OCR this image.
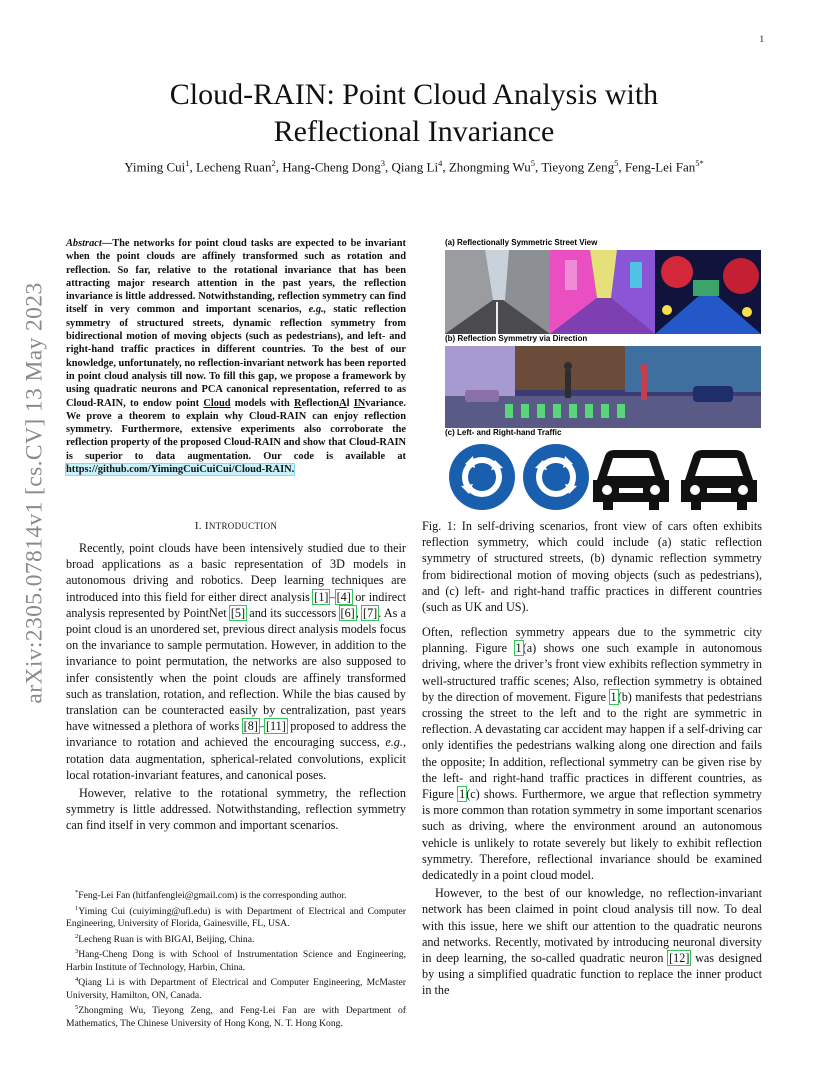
1
arXiv:2305.07814v1 [cs.CV] 13 May 2023
Cloud-RAIN: Point Cloud Analysis with
Reflectional Invariance
Yiming Cui$^1$, Lecheng Ruan$^2$, Hang-Cheng Dong$^3$, Qiang Li$^4$, Zhongming Wu$^5$, Tieyong Zeng$^5$, Feng-Lei Fan$^{5*}$
Abstract—The networks for point cloud tasks are expected to be invariant when the point clouds are affinely transformed such as rotation and reflection. So far, relative to the rotational invariance that has been attracting major research attention in the past years, the reflection invariance is little addressed. Notwithstanding, reflection symmetry can find itself in very common and important scenarios, e.g., static reflection symmetry of structured streets, dynamic reflection symmetry from bidirectional motion of moving objects (such as pedestrians), and left- and right-hand traffic practices in different countries. To the best of our knowledge, unfortunately, no reflection-invariant network has been reported in point cloud analysis till now. To fill this gap, we propose a framework by using quadratic neurons and PCA canonical representation, referred to as Cloud-RAIN, to endow point Cloud models with ReflectionAl INvariance. We prove a theorem to explain why Cloud-RAIN can enjoy reflection symmetry. Furthermore, extensive experiments also corroborate the reflection property of the proposed Cloud-RAIN and show that Cloud-RAIN is superior to data augmentation. Our code is available at https://github.com/YimingCuiCuiCui/Cloud-RAIN.
I. INTRODUCTION

Recently, point clouds have been intensively studied due to their broad applications as a basic representation of 3D models in autonomous driving and robotics. Deep learning techniques are introduced into this field for either direct analysis [1]–[4] or indirect analysis represented by PointNet [5] and its successors [6], [7]. As a point cloud is an unordered set, previous direct analysis models focus on the invariance to sample permutation. However, in addition to the invariance to point permutation, the networks are also supposed to infer consistently when the point clouds are affinely transformed such as translation, rotation, and reflection. While the bias caused by translation can be counteracted easily by centralization, past years have witnessed a plethora of works [8]–[11] proposed to address the invariance to rotation and achieved the encouraging success, e.g., rotation data augmentation, spherical-related convolutions, explicit local rotation-invariant features, and canonical poses.

However, relative to the rotational symmetry, the reflection symmetry is little addressed. Notwithstanding, reflection symmetry can find itself in very common and important scenarios.

*Feng-Lei Fan (hitfanfenglei@gmail.com) is the corresponding author.

$^1$Yiming Cui (cuiyiming@ufl.edu) is with Department of Electrical and Computer Engineering, University of Florida, Gainesville, FL, USA.

$^2$Lecheng Ruan is with BIGAI, Beijing, China.

$^3$Hang-Cheng Dong is with School of Instrumentation Science and Engineering, Harbin Institute of Technology, Harbin, China.

$^4$Qiang Li is with Department of Electrical and Computer Engineering, McMaster University, Hamilton, ON, Canada.

$^5$Zhongming Wu, Tieyong Zeng, and Feng-Lei Fan are with Department of Mathematics, The Chinese University of Hong Kong, N. T. Hong Kong.

(a) Reflectionally Symmetric Street View
(b) Reflection Symmetry via Direction
(c) Left- and Right-hand Traffic
Fig. 1: In self-driving scenarios, front view of cars often exhibits reflection symmetry, which could include (a) static reflection symmetry of structured streets, (b) dynamic reflection symmetry from bidirectional motion of moving objects (such as pedestrians), and (c) left- and right-hand traffic practices in different countries (such as UK and US).

Often, reflection symmetry appears due to the symmetric city planning. Figure 1(a) shows one such example in autonomous driving, where the driver’s front view exhibits reflection symmetry in well-structured traffic scenes; Also, reflection symmetry is obtained by the direction of movement. Figure 1(b) manifests that pedestrians crossing the street to the left and to the right are symmetric in reflection. A devastating car accident may happen if a self-driving car only identifies the pedestrians walking along one direction and fails the opposite; In addition, reflectional symmetry can be given rise by the left- and right-hand traffic practices in different countries, as Figure 1(c) shows. Furthermore, we argue that reflection symmetry is more common than rotation symmetry in some important scenarios such as driving, where the environment around an autonomous vehicle is unlikely to rotate severely but likely to exhibit reflection symmetry. Therefore, reflectional invariance should be examined dedicatedly in a point cloud model.

However, to the best of our knowledge, no reflection-invariant network has been claimed in point cloud analysis till now. To deal with this issue, here we shift our attention to the quadratic neurons and networks. Recently, motivated by introducing neuronal diversity in deep learning, the so-called quadratic neuron [12] was designed by using a simplified quadratic function to replace the inner product in the
